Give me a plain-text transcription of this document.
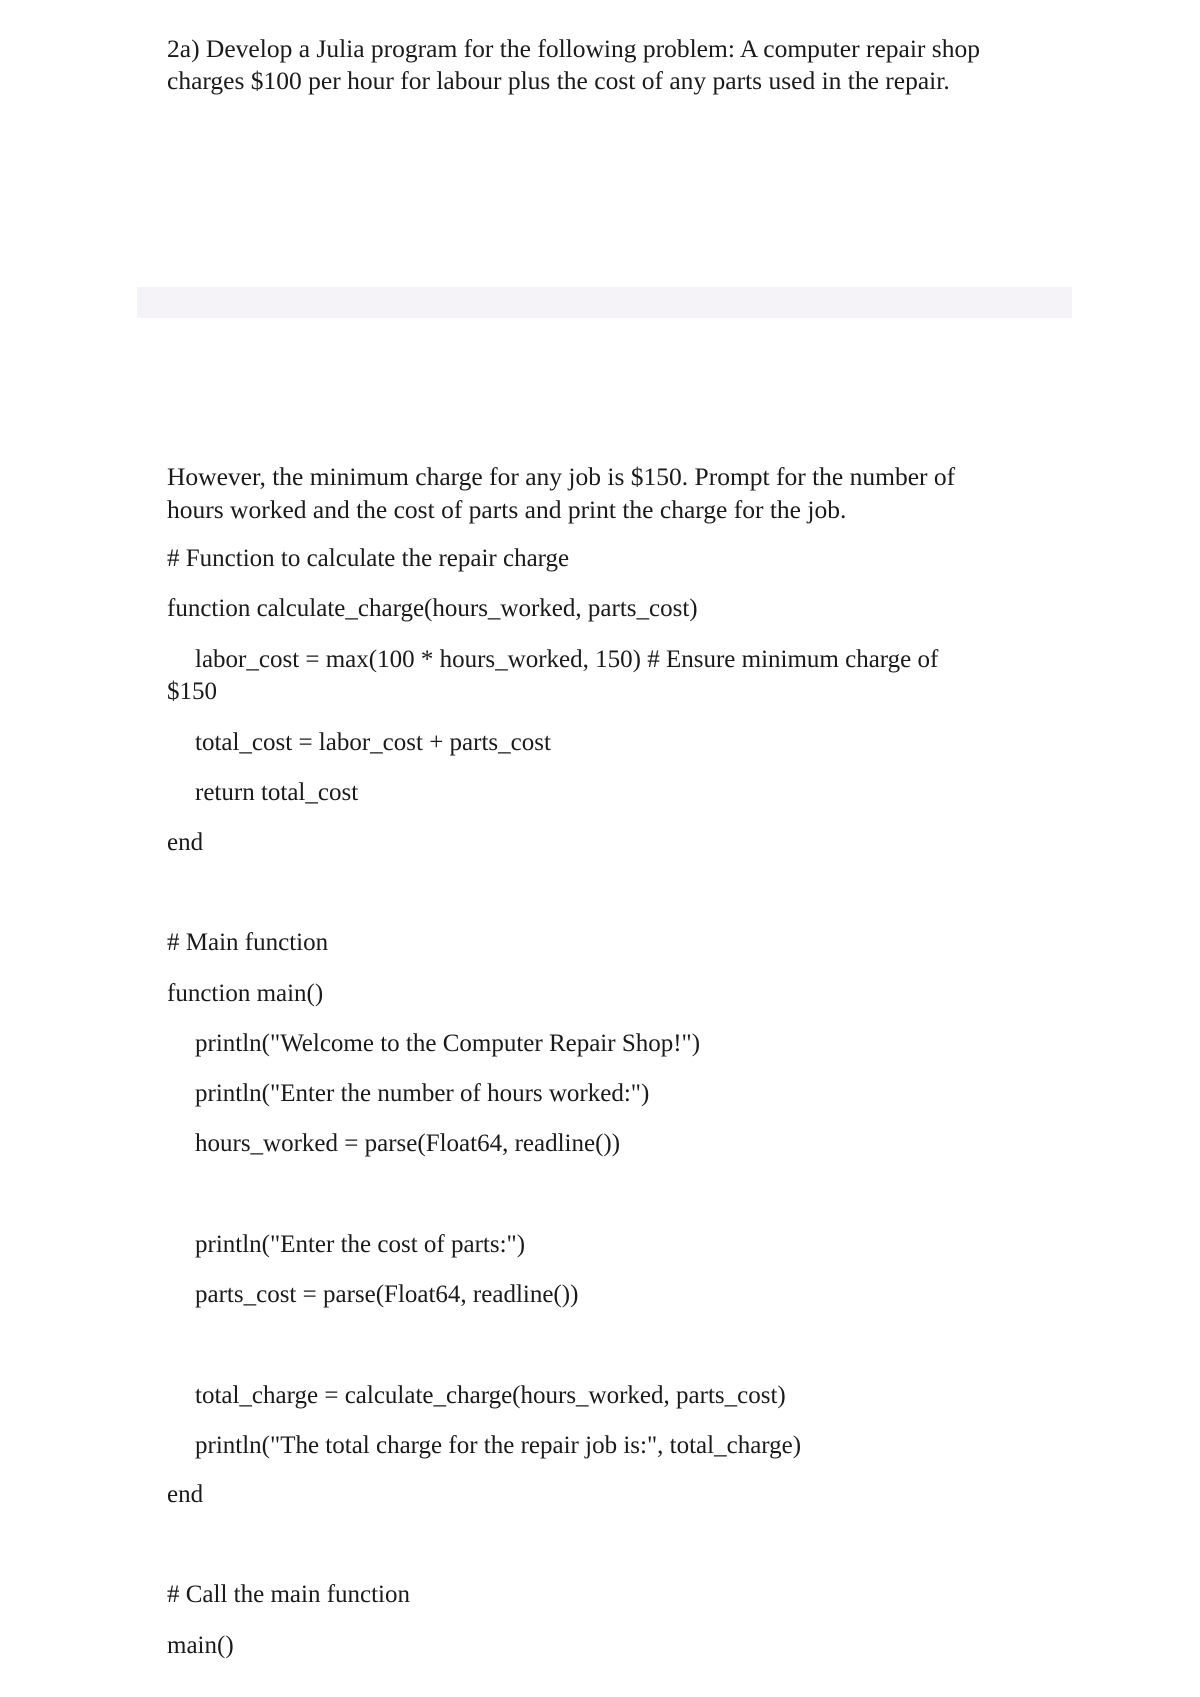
2a) Develop a Julia program for the following problem: A computer repair shop
charges $100 per hour for labour plus the cost of any parts used in the repair.
However, the minimum charge for any job is $150. Prompt for the number of
hours worked and the cost of parts and print the charge for the job.
# Function to calculate the repair charge
function calculate_charge(hours_worked, parts_cost)
labor_cost = max(100 * hours_worked, 150) # Ensure minimum charge of
$150
total_cost = labor_cost + parts_cost
return total_cost
end
# Main function
function main()
println("Welcome to the Computer Repair Shop!")
println("Enter the number of hours worked:")
hours_worked = parse(Float64, readline())
println("Enter the cost of parts:")
parts_cost = parse(Float64, readline())
total_charge = calculate_charge(hours_worked, parts_cost)
println("The total charge for the repair job is:", total_charge)
end
# Call the main function
main()
